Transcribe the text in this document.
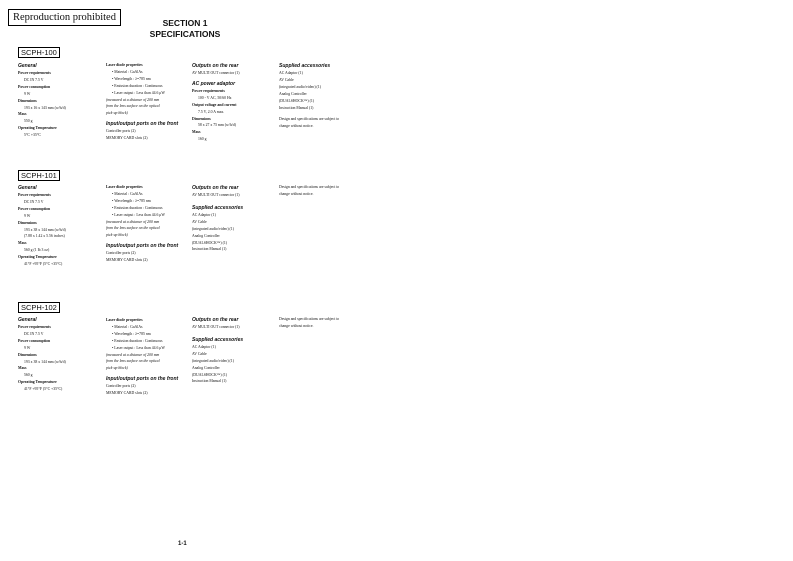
Reproduction prohibited	SECTION 1
SPECIFICATIONS
SCPH-100
General
Power requirements
DC IN 7.5 V
Power consumption
9 W
Dimensions
193 x 16 x 143 mm (w/h/d)
Mass
550 g
Operating Temperature
5°C +35°C
Laser diode properties
• Material : GaAlAs
• Wavelength : λ=785 nm
• Emission duration : Continuous
• Laser output : Less than 44.6 μW
(measured at a distance of 200 mm
from the lens surface on the optical
pick-up block)
Input/output ports on the front
Controller ports (2)
MEMORY CARD slots (2)
Outputs on the rear
AV MULTI OUT connector (1)
AC power adaptor
Power requirements
100 - V AC, 50/60 Hz
Output voltage and current
7.5 V, 2.0 A max.
Dimensions
58 x 27 x 75 mm (w/h/d)
Mass
160 g
Supplied accessories
AC Adaptor (1)
AV Cable
(integrated audio/video) (1)
Analog Controller
(DUALSHOCK™) (1)
Instruction Manual (1)
Design and specifications are subject to
change without notice.
SCPH-101
General
Power requirements
DC IN 7.5 V
Power consumption
9 W
Dimensions
193 x 38 x 144 mm (w/h/d)
(7.88 x 1.42 x 5.56 inches)
Mass
560 g (1 lb 3 oz)
Operating Temperature
41°F +95°F (5°C +35°C)
Laser diode properties
• Material : GaAlAs
• Wavelength : λ=785 nm
• Emission duration : Continuous
• Laser output : Less than 44.6 μW
(measured at a distance of 200 mm
from the lens surface on the optical
pick-up block)
Input/output ports on the front
Controller ports (2)
MEMORY CARD slots (2)
Outputs on the rear
AV MULTI OUT connector (1)
Supplied accessories
AC Adaptor (1)
AV Cable
(integrated audio/video) (1)
Analog Controller
(DUALSHOCK™) (1)
Instruction Manual (1)
Design and specifications are subject to
change without notice.
SCPH-102
General
Power requirements
DC IN 7.5 V
Power consumption
9 W
Dimensions
193 x 38 x 144 mm (w/h/d)
Mass
560 g
Operating Temperature
41°F +95°F (5°C +35°C)
Laser diode properties
• Material : GaAlAs
• Wavelength : λ=785 nm
• Emission duration : Continuous
• Laser output : Less than 44.6 μW
(measured at a distance of 200 mm
from the lens surface on the optical
pick-up block)
Input/output ports on the front
Controller ports (2)
MEMORY CARD slots (2)
Outputs on the rear
AV MULTI OUT connector (1)
Supplied accessories
AC Adaptor (1)
AV Cable
(integrated audio/video) (1)
Analog Controller
(DUALSHOCK™) (1)
Instruction Manual (1)
Design and specifications are subject to
change without notice.
1-1
